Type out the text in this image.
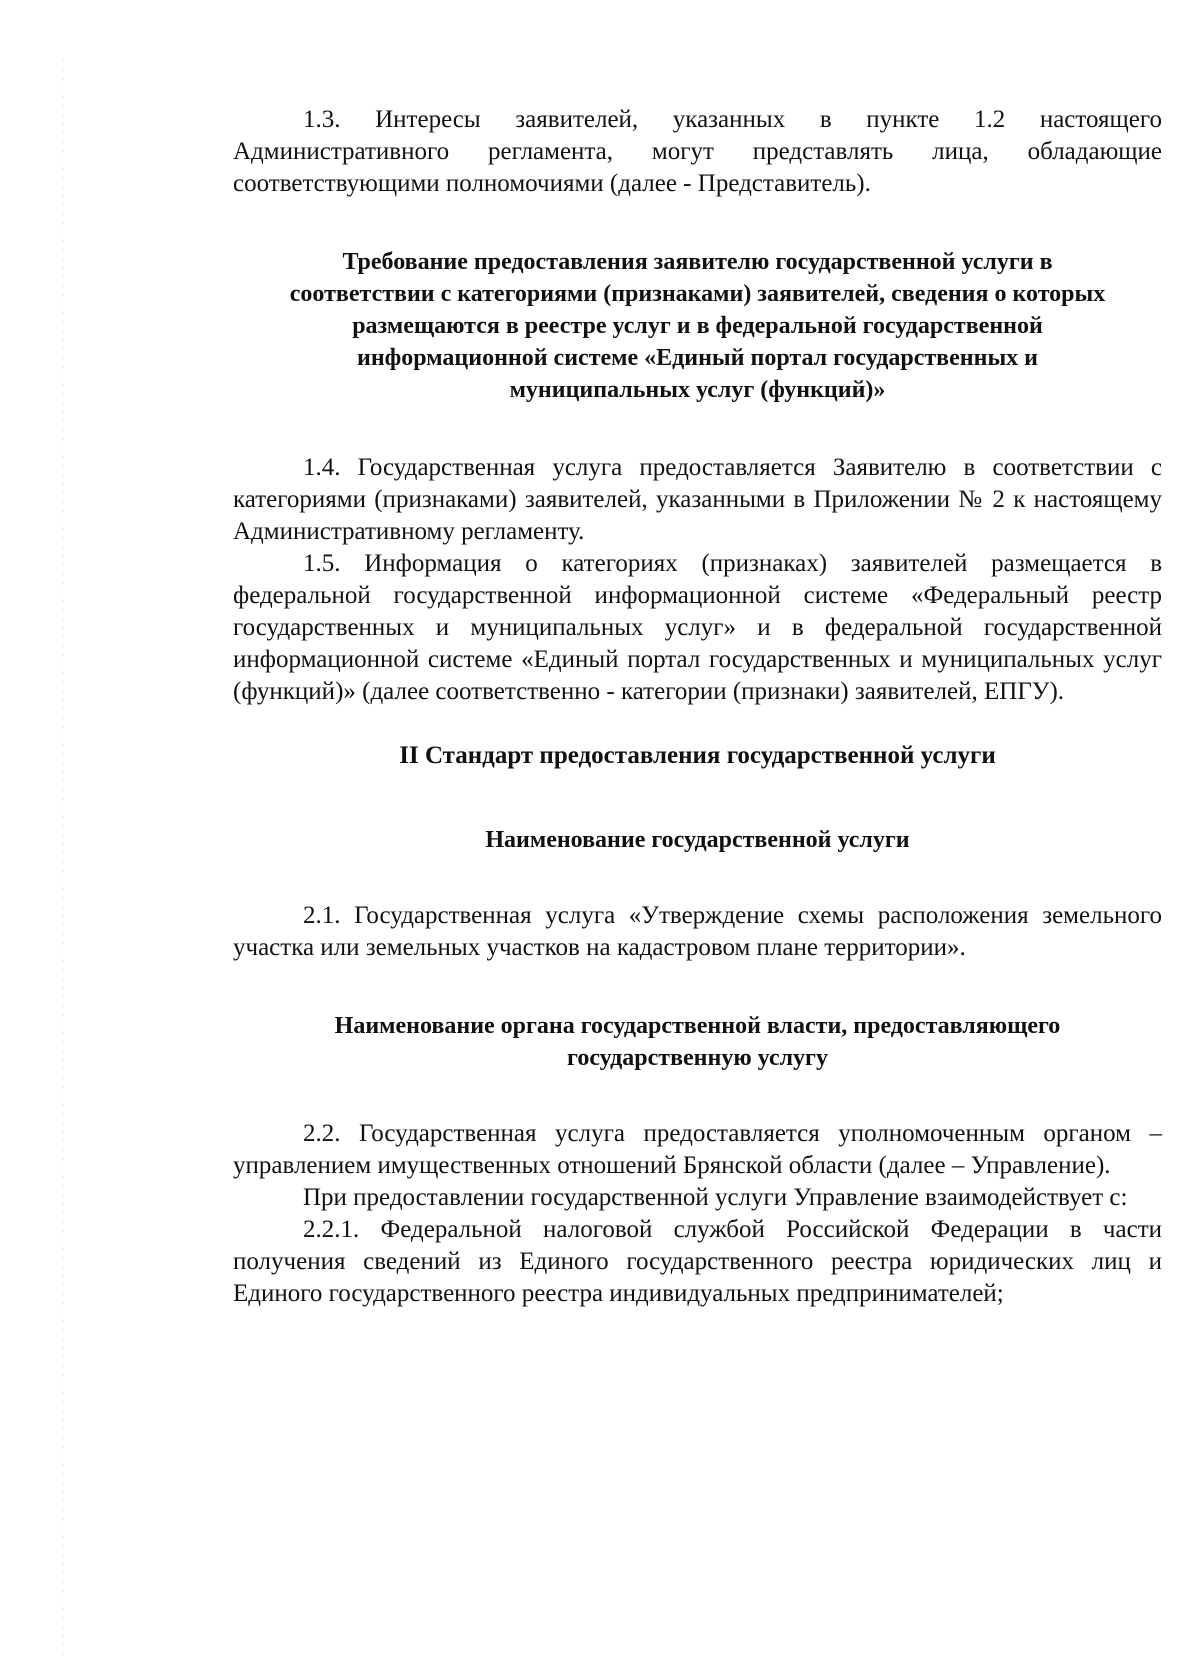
1.3. Интересы заявителей, указанных в пункте 1.2 настоящего Административного регламента, могут представлять лица, обладающие соответствующими полномочиями (далее - Представитель).

Требование предоставления заявителю государственной услуги в
соответствии с категориями (признаками) заявителей, сведения о которых
размещаются в реестре услуг и в федеральной государственной
информационной системе «Единый портал государственных и
муниципальных услуг (функций)»

1.4. Государственная услуга предоставляется Заявителю в соответствии с категориями (признаками) заявителей, указанными в Приложении № 2 к настоящему Административному регламенту.

1.5. Информация о категориях (признаках) заявителей размещается в федеральной государственной информационной системе «Федеральный реестр государственных и муниципальных услуг» и в федеральной государственной информационной системе «Единый портал государственных и муниципальных услуг (функций)» (далее соответственно - категории (признаки) заявителей, ЕПГУ).

II Стандарт предоставления государственной услуги
Наименование государственной услуги

2.1. Государственная услуга «Утверждение схемы расположения земельного участка или земельных участков на кадастровом плане территории».

Наименование органа государственной власти, предоставляющего
государственную услугу

2.2. Государственная услуга предоставляется уполномоченным органом – управлением имущественных отношений Брянской области (далее – Управление).

При предоставлении государственной услуги Управление взаимодействует с:

2.2.1. Федеральной налоговой службой Российской Федерации в части получения сведений из Единого государственного реестра юридических лиц и Единого государственного реестра индивидуальных предпринимателей;
